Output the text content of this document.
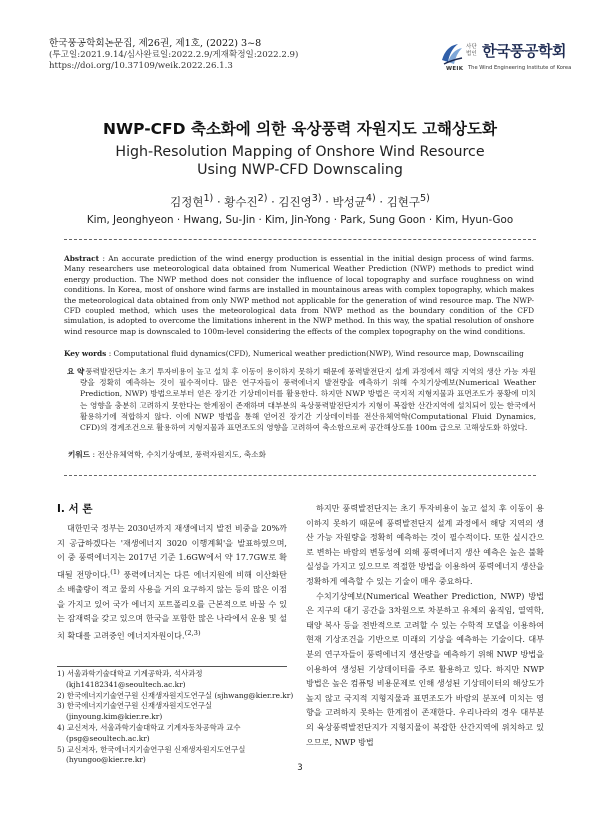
한국풍공학회논문집, 제26권, 제1호, (2022) 3~8
(투고일:2021.9.14/심사완료일:2022.2.9/게재확정일:2022.2.9)
https://doi.org/10.37109/weik.2022.26.1.3	WEIK
사단 법인 한국풍공학회
The Wind Engineering Institute of Korea
NWP-CFD 축소화에 의한 육상풍력 자원지도 고해상도화
High-Resolution Mapping of Onshore Wind Resource
Using NWP-CFD Downscaling
김정현$^{1)}$ · 황수진$^{2)}$ · 김진영$^{3)}$ · 박성균$^{4)}$ · 김현구$^{5)}$
Kim, Jeonghyeon · Hwang, Su-Jin · Kim, Jin-Yong · Park, Sung Goon · Kim, Hyun-Goo
Abstract : An accurate prediction of the wind energy production is essential in the initial design process of wind farms. Many researchers use meteorological data obtained from Numerical Weather Prediction (NWP) methods to predict wind energy production. The NWP method does not consider the influence of local topography and surface roughness on wind conditions. In Korea, most of onshore wind farms are installed in mountainous areas with complex topography, which makes the meteorological data obtained from only NWP method not applicable for the generation of wind resource map. The NWP-CFD coupled method, which uses the meteorological data from NWP method as the boundary condition of the CFD simulation, is adopted to overcome the limitations inherent in the NWP method. In this way, the spatial resolution of onshore wind resource map is downscaled to 100m-level considering the effects of the complex topography on the wind conditions.
Key words : Computational fluid dynamics(CFD), Numerical weather prediction(NWP), Wind resource map, Downscailing
요 약
: 풍력발전단지는 초기 투자비용이 높고 설치 후 이동이 용이하지 못하기 때문에 풍력발전단지 설계 과정에서 해당 지역의 생산 가능 자원량을 정확히 예측하는 것이 필수적이다. 많은 연구자들이 풍력에너지 발전량을 예측하기 위해 수치기상예보(Numerical Weather Prediction, NWP) 방법으로부터 얻은 장기간 기상데이터를 활용한다. 하지만 NWP 방법은 국지적 지형지물과 표면조도가 풍황에 미치는 영향을 충분히 고려하지 못한다는 한계점이 존재하며 대부분의 육상풍력발전단지가 지형이 복잡한 산간지역에 설치되어 있는 한국에서 활용하기에 적합하지 않다. 이에 NWP 방법을 통해 얻어진 장기간 기상데이터를 전산유체역학(Computational Fluid Dynamics, CFD)의 경계조건으로 활용하여 지형지물과 표면조도의 영향을 고려하여 축소함으로써 공간해상도를 100m 급으로 고해상도화 하였다.
키워드 : 전산유체역학, 수치기상예보, 풍력자원지도, 축소화
I. 서 론

대한민국 정부는 2030년까지 재생에너지 발전 비중을 20%까지 공급하겠다는 '재생에너지 3020 이행계획'을 발표하였으며, 이 중 풍력에너지는 2017년 기준 1.6GW에서 약 17.7GW로 확대될 전망이다.$^{(1)}$ 풍력에너지는 다른 에너지원에 비해 이산화탄소 배출량이 적고 물의 사용을 거의 요구하지 않는 등의 많은 이점을 가지고 있어 국가 에너지 포트폴리오를 근본적으로 바꿀 수 있는 잠재력을 갖고 있으며 한국을 포함한 많은 나라에서 운용 및 설치 확대를 고려중인 에너지자원이다.$^{(2,3)}$

1) 서울과학기술대학교 기계공학과, 석사과정
(kjh14182341@seoultech.ac.kr)
2) 한국에너지기술연구원 신재생자원지도연구실 (sjhwang@kier.re.kr)
3) 한국에너지기술연구원 신재생자원지도연구실
(jinyoung.kim@kier.re.kr)
4) 교신저자, 서울과학기술대학교 기계자동차공학과 교수
(psg@seoultech.ac.kr)
5) 교신저자, 한국에너지기술연구원 신재생자원지도연구실
(hyungoo@kier.re.kr)

하지만 풍력발전단지는 초기 투자비용이 높고 설치 후 이동이 용이하지 못하기 때문에 풍력발전단지 설계 과정에서 해당 지역의 생산 가능 자원량을 정확히 예측하는 것이 필수적이다. 또한 실시간으로 변하는 바람의 변동성에 의해 풍력에너지 생산 예측은 높은 불확실성을 가지고 있으므로 적절한 방법을 이용하여 풍력에너지 생산을 정확하게 예측할 수 있는 기술이 매우 중요하다.

수치기상예보(Numerical Weather Prediction, NWP) 방법은 지구의 대기 공간을 3차원으로 차분하고 유체의 움직임, 열역학, 태양 복사 등을 전반적으로 고려할 수 있는 수학적 모델을 이용하여 현재 기상조건을 기반으로 미래의 기상을 예측하는 기술이다. 대부분의 연구자들이 풍력에너지 생산량을 예측하기 위해 NWP 방법을 이용하여 생성된 기상데이터를 주로 활용하고 있다. 하지만 NWP 방법은 높은 컴퓨팅 비용문제로 인해 생성된 기상데이터의 해상도가 높지 않고 국지적 지형지물과 표면조도가 바람의 분포에 미치는 영향을 고려하지 못하는 한계점이 존재한다. 우리나라의 경우 대부분의 육상풍력발전단지가 지형지물이 복잡한 산간지역에 위치하고 있으므로, NWP 방법

3
